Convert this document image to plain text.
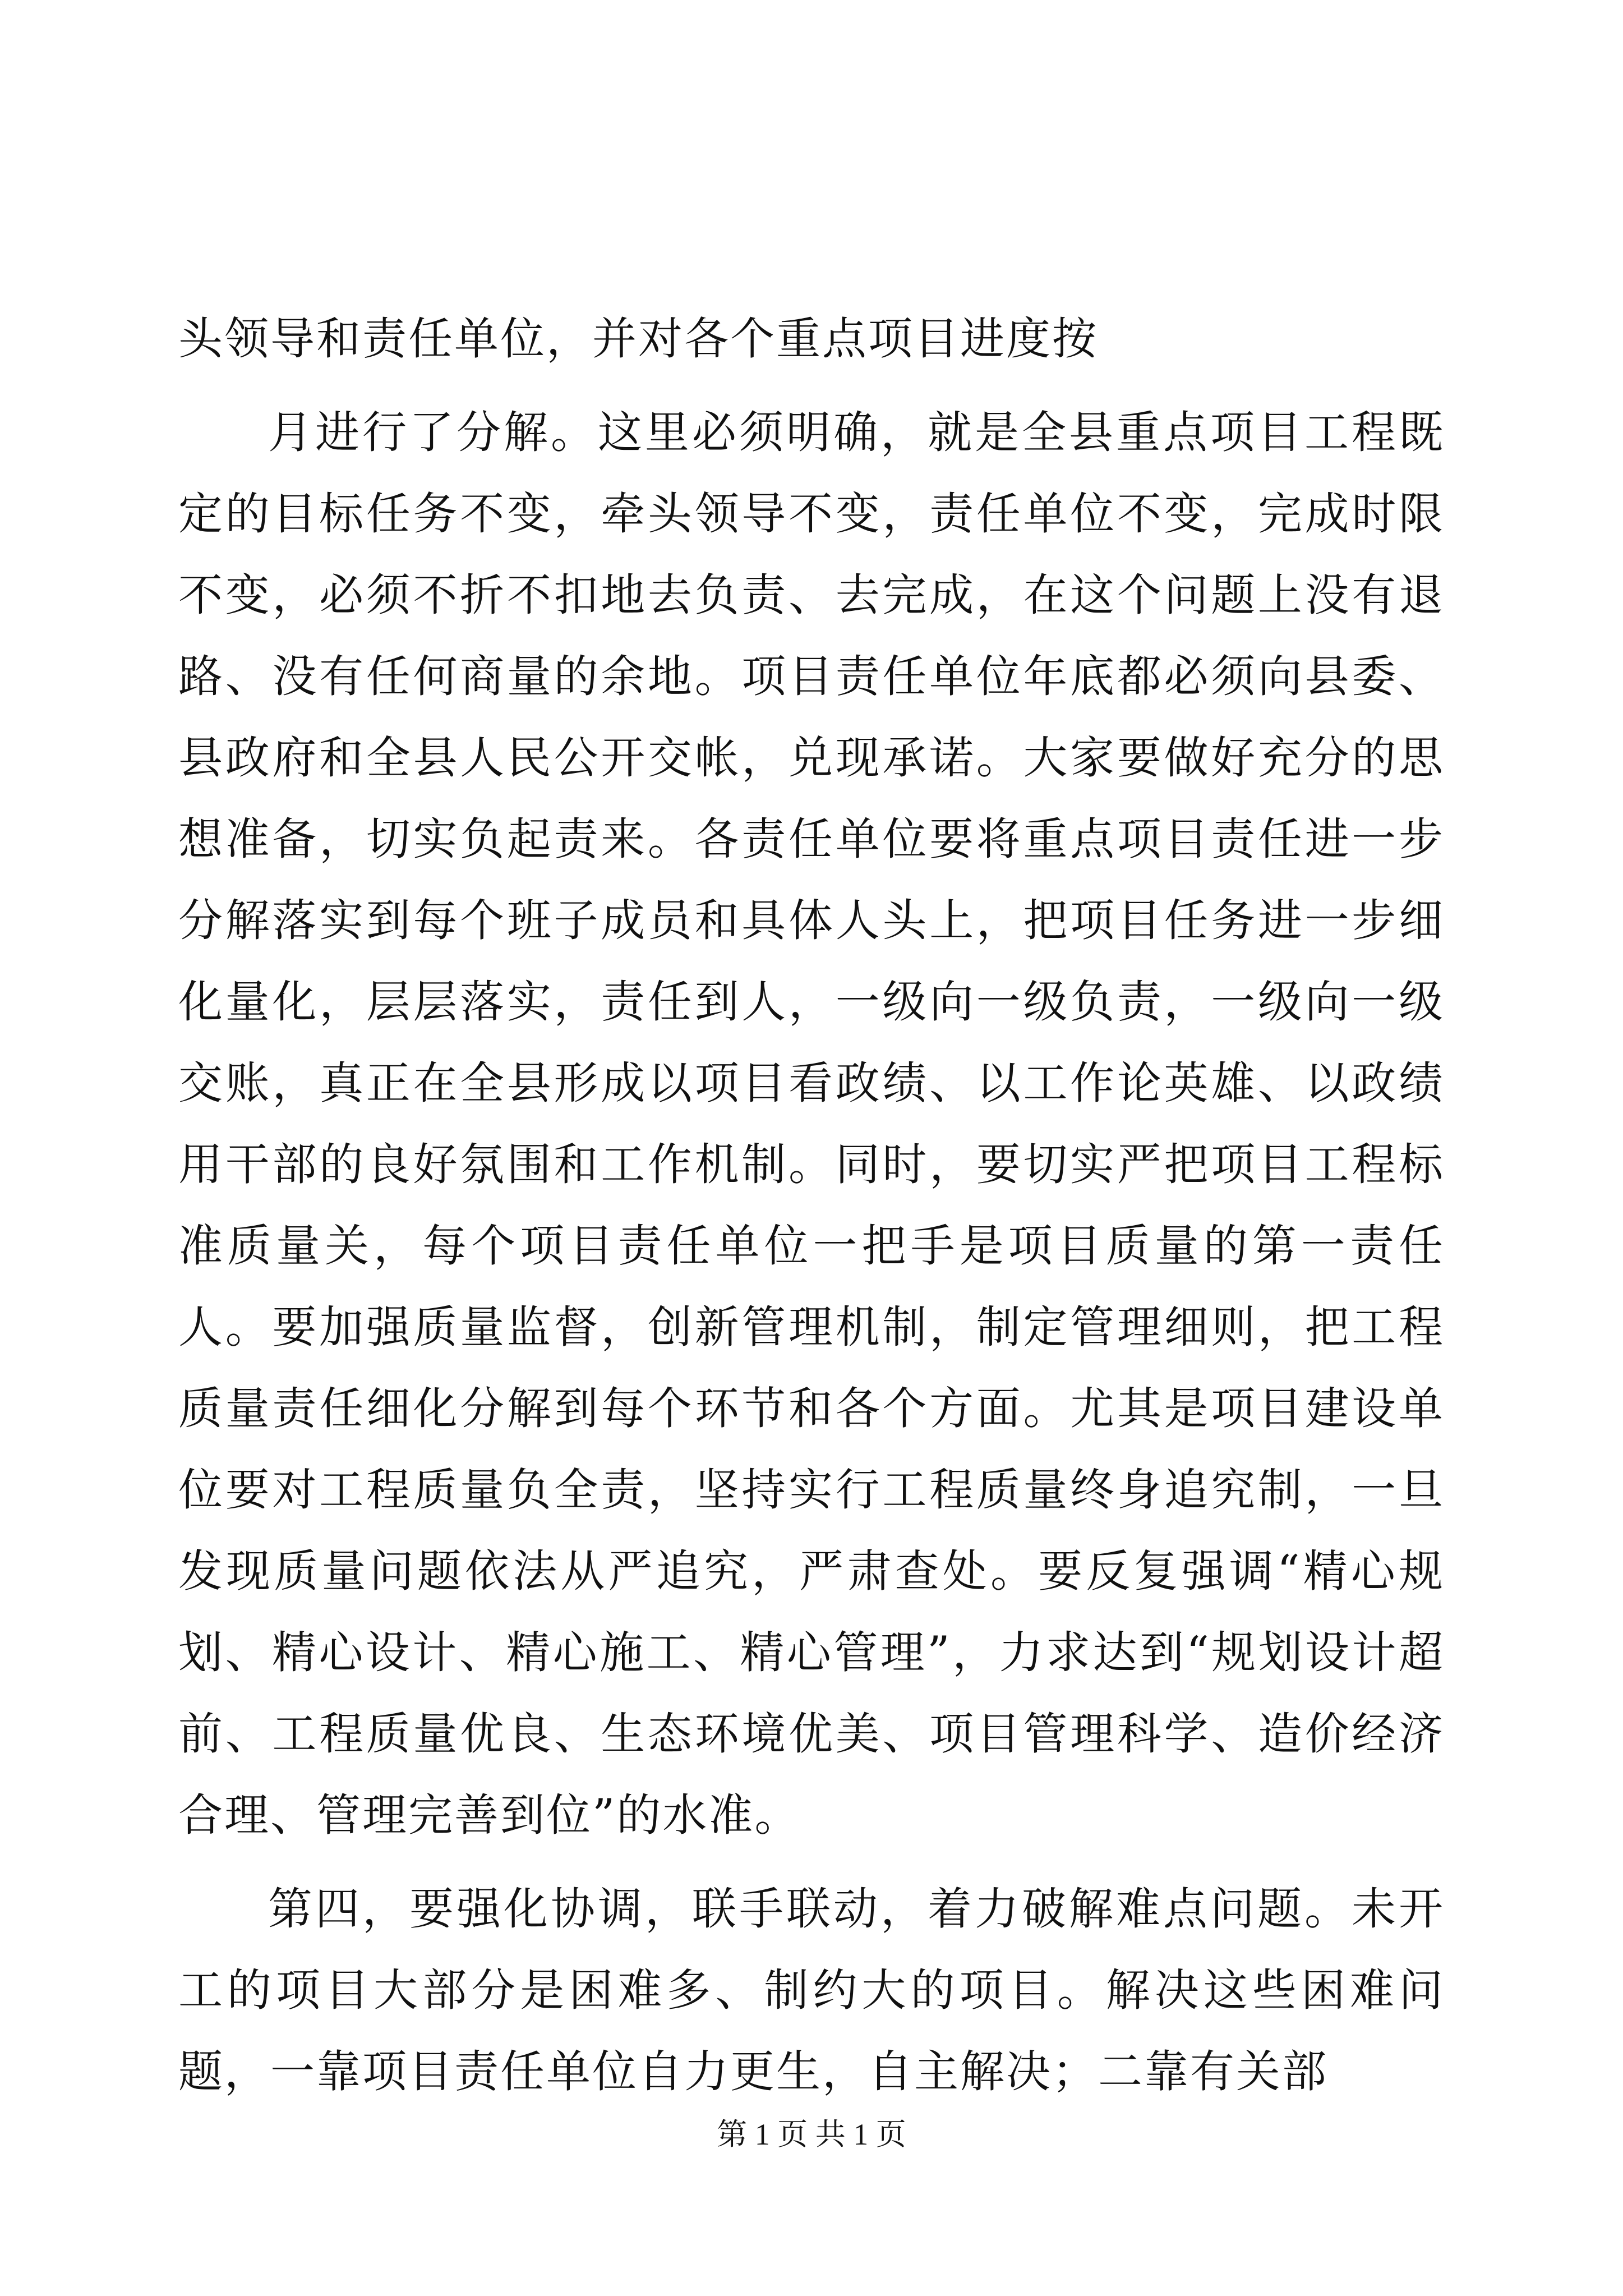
头领导和责任单位，并对各个重点项目进度按

月进行了分解。这里必须明确，就是全县重点项目工程既定的目标任务不变，牵头领导不变，责任单位不变，完成时限不变，必须不折不扣地去负责、去完成，在这个问题上没有退路、没有任何商量的余地。项目责任单位年底都必须向县委、县政府和全县人民公开交帐，兑现承诺。大家要做好充分的思想准备，切实负起责来。各责任单位要将重点项目责任进一步分解落实到每个班子成员和具体人头上，把项目任务进一步细化量化，层层落实，责任到人，一级向一级负责，一级向一级交账，真正在全县形成以项目看政绩、以工作论英雄、以政绩用干部的良好氛围和工作机制。同时，要切实严把项目工程标准质量关，每个项目责任单位一把手是项目质量的第一责任人。要加强质量监督，创新管理机制，制定管理细则，把工程质量责任细化分解到每个环节和各个方面。尤其是项目建设单位要对工程质量负全责，坚持实行工程质量终身追究制，一旦发现质量问题依法从严追究，严肃查处。要反复强调“精心规划、精心设计、精心施工、精心管理”，力求达到“规划设计超前、工程质量优良、生态环境优美、项目管理科学、造价经济合理、管理完善到位”的水准。

第四，要强化协调，联手联动，着力破解难点问题。未开工的项目大部分是困难多、制约大的项目。解决这些困难问题，一靠项目责任单位自力更生，自主解决；二靠有关部

第 1 页 共 1 页
